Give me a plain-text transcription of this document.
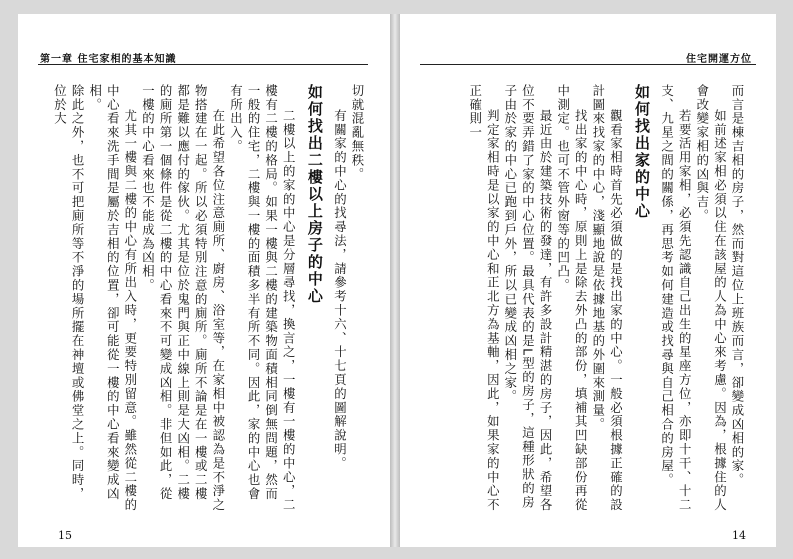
第一章 住宅家相的基本知識

切就混亂無秩。

有關家的中心的找尋法，請參考十六、十七頁的圖解說明。

如何找出二樓以上房子的中心

二樓以上的家的中心是分層尋找，換言之，一樓有一樓的中心，二樓有二樓的格局。如果一樓與二樓的建築物面積相同倒無問題，然而一般的住宅，二樓與一樓的面積多半有所不同。因此，家的中心也會有所出入。

在此希望各位注意廁所、廚房、浴室等，在家相中被認為是不淨之物搭建在一起。所以必須特別注意的廁所。廁所不論是在一樓或二樓都是難以應付的傢伙。尤其是位於鬼門與正中線上則是大凶相。二樓的廁所第一個條件是從二樓的中心看來不可變成凶相。非但如此，從一樓的中心看來也不能成為凶相。

尤其一樓與二樓的中心有所出入時，更要特別留意。雖然從二樓的中心看來洗手間是屬於吉相的位置，卻可能從一樓的中心看來變成凶相。

除此之外，也不可把廁所等不淨的場所擺在神壇或佛堂之上。同時，位於大

15
住宅開運方位

而言是棟吉相的房子，然而對這位上班族而言，卻變成凶相的家。

如前述家相必須以住在該屋的人為中心來考慮。因為，根據住的人會改變家相的凶與吉。

若要活用家相，必須先認識自己出生的星座方位，亦即十干、十二支、九星之間的關係，再思考如何建造或找尋與自己相合的房屋。

如何找出家的中心

觀看家相時首先必須做的是找出家的中心。一般必須根據正確的設計圖來找家的中心，淺顯地說是依據地基的外圍來測量。

找出家的中心時，原則上是除去外凸的部份，填補其凹缺部份再從中測定。也可不管外窗等的凹凸。

最近由於建築技術的發達，有許多設計精湛的房子，因此，希望各位不要弄錯了家的中心位置。最具代表的是L型的房子，這種形狀的房子由於家的中心已跑到戶外，所以已變成凶相之家。

判定家相時是以家的中心和正北方為基軸，因此，如果家的中心不正確則一

14
